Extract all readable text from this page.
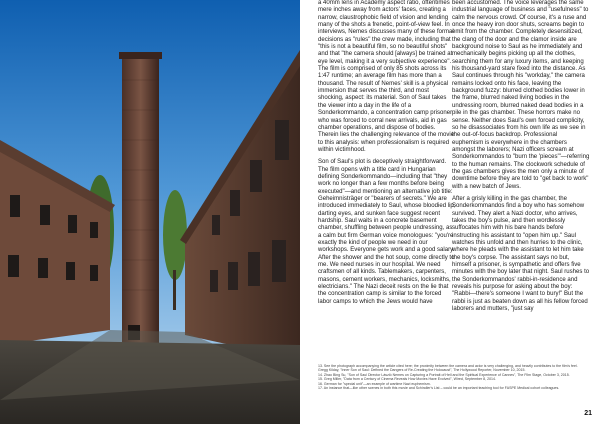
a 40mm lens in Academy aspect ratio, oftentimes mere inches away from actors' faces, creating a narrow, claustrophobic field of vision and lending many of the shots a frenetic, point-of-view feel. In interviews, Nemes discusses many of these formal decisions as "rules" the crew made, including that "this is not a beautiful film, so no beautiful shots" and that "the camera should [always] be trained at eye level, making it a very subjective experience". The film is comprised of only 85 shots across its 1:47 runtime; an average film has more than a thousand. The result of Nemes' skill is a physical immersion that serves the third, and most shocking, aspect: its material. Son of Saul takes the viewer into a day in the life of a Sonderkommando, a concentration camp prisoner who was forced to corral new arrivals, aid in gas chamber operations, and dispose of bodies. Therein lies the challenging relevance of the movie to this analysis: when professionalism is required within victimhood.

Son of Saul's plot is deceptively straightforward. The film opens with a title card in Hungarian defining Sonderkommando—including that "they work no longer than a few months before being executed"—and mentioning an alternative job title: Geheimnisträger or "bearers of secrets." We are introduced immediately to Saul, whose bloodied lip, darting eyes, and sunken face suggest recent hardship. Saul waits in a concrete basement chamber, shuffling between people undressing, as a calm but firm German voice monologues: "you're exactly the kind of people we need in our workshops. Everyone gets work and a good salary. After the shower and the hot soup, come directly to me. We need nurses in our hospital. We need craftsmen of all kinds. Tablemakers, carpenters, masons, cement workers, mechanics, locksmiths, electricians." The Nazi deceit rests on the lie that the concentration camp is similar to the forced labor camps to which the Jews would have

been accustomed. The voice leverages the same industrial language of business and "usefulness" to calm the nervous crowd. Of course, it's a ruse and once the heavy iron door shuts, screams begin to emit from the chamber. Completely desensitized, the clang of the door and the clamor inside are background noise to Saul as he immediately and mechanically begins picking up all the clothes, searching them for any luxury items, and keeping his thousand-yard stare fixed into the distance. As Saul continues through his "workday," the camera remains locked onto his face, leaving the background fuzzy: blurred clothed bodies lower in the frame, blurred naked living bodies in the undressing room, blurred naked dead bodies in a pile in the gas chamber. These horrors make no sense. Neither does Saul's own forced complicity, so he disassociates from his own life as we see in the out-of-focus backdrop. Professional euphemism is everywhere in the chambers amongst the laborers; Nazi officers scream at Sonderkommandos to "burn the 'pieces'"—referring to the human remains. The clockwork schedule of the gas chambers gives the men only a minute of downtime before they are told to "get back to work" with a new batch of Jews.

After a grisly killing in the gas chamber, the Sonderkommandos find a boy who has somehow survived. They alert a Nazi doctor, who arrives, takes the boy's pulse, and then wordlessly suffocates him with his bare hands before instructing his assistant to "open him up." Saul watches this unfold and then hurries to the clinic, where he pleads with the assistant to let him take the boy's corpse. The assistant says no but, himself a prisoner, is sympathetic and offers five minutes with the boy later that night. Saul rushes to the Sonderkommandos' rabbi-in-residence and reveals his purpose for asking about the boy: "Rabbi—there's someone I want to bury!" But the rabbi is just as beaten down as all his fellow forced laborers and mutters, "just say

13. See the photograph accompanying the article cited here; the proximity between the camera and actor is very challenging, and heavily contributes to the film's feel. Gregg Kilday, "Inner Son of Saul: Defined the Dangers of Re-Creating the Holocaust", The Hollywood Reporter, November 10, 2015.
14. Zhao Bing Su, "Son of Saul Director László Nemes on Capturing a Portrait of Hell and the Spiritual Experience of Cannes", The Film Stage, October 3, 2015.
15. Greg Miller, "Data from a Century of Cinema Reveals How Movies Have Evolved", Wired, September 8, 2014.
16. German for "special unit"—an example of wartime Nazi euphemism.
17. An instance that—like other scenes in both this movie and Schindler's List – could be an important teaching tool for FASPE Medical cohort colleagues.
21
